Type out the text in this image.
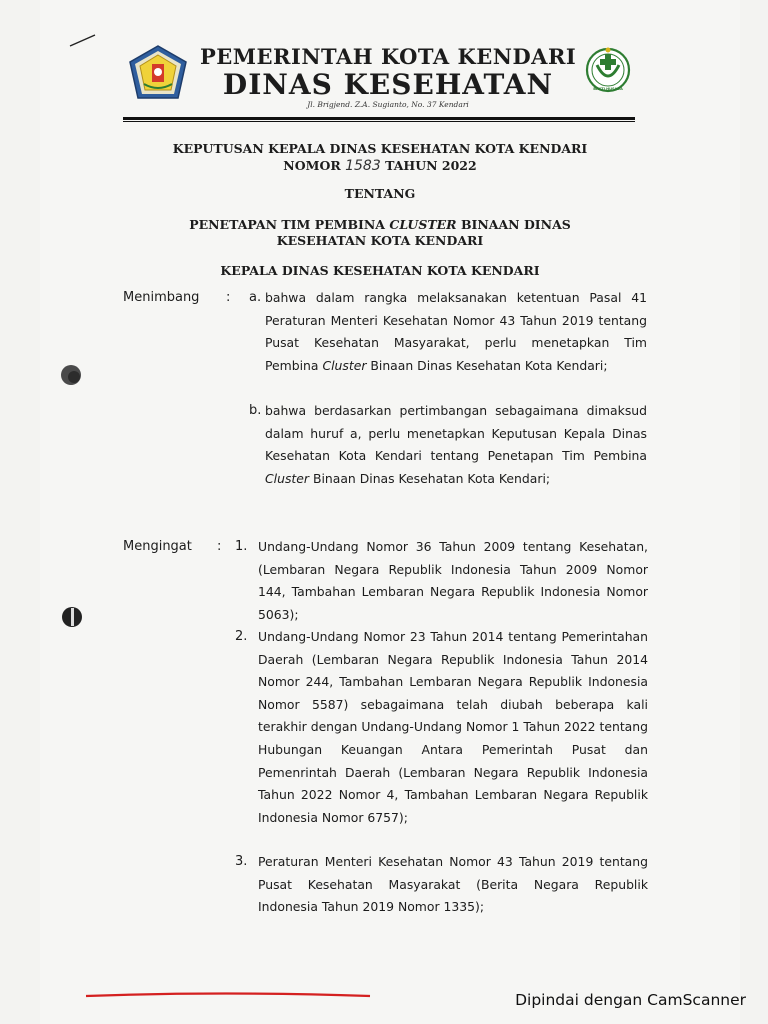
BAKTI HUSADA
PEMERINTAH KOTA KENDARI
DINAS KESEHATAN
Jl. Brigjend. Z.A. Sugianto, No. 37 Kendari
KEPUTUSAN KEPALA DINAS KESEHATAN KOTA KENDARI
NOMOR 1583 TAHUN 2022
TENTANG
PENETAPAN TIM PEMBINA CLUSTER BINAAN DINAS
KESEHATAN KOTA KENDARI
KEPALA DINAS KESEHATAN KOTA KENDARI
Menimbang : a. bahwa dalam rangka melaksanakan ketentuan Pasal 41 Peraturan Menteri Kesehatan Nomor 43 Tahun 2019 tentang Pusat Kesehatan Masyarakat, perlu menetapkan Tim Pembina Cluster Binaan Dinas Kesehatan Kota Kendari;
b. bahwa berdasarkan pertimbangan sebagaimana dimaksud dalam huruf a, perlu menetapkan Keputusan Kepala Dinas Kesehatan Kota Kendari tentang Penetapan Tim Pembina Cluster Binaan Dinas Kesehatan Kota Kendari;
Mengingat : 1. Undang-Undang Nomor 36 Tahun 2009 tentang Kesehatan, (Lembaran Negara Republik Indonesia Tahun 2009 Nomor 144, Tambahan Lembaran Negara Republik Indonesia Nomor 5063);
2. Undang-Undang Nomor 23 Tahun 2014 tentang Pemerintahan Daerah (Lembaran Negara Republik Indonesia Tahun 2014 Nomor 244, Tambahan Lembaran Negara Republik Indonesia Nomor 5587) sebagaimana telah diubah beberapa kali terakhir dengan Undang-Undang Nomor 1 Tahun 2022 tentang Hubungan Keuangan Antara Pemerintah Pusat dan Pemenrintah Daerah (Lembaran Negara Republik Indonesia Tahun 2022 Nomor 4, Tambahan Lembaran Negara Republik Indonesia Nomor 6757);
3. Peraturan Menteri Kesehatan Nomor 43 Tahun 2019 tentang Pusat Kesehatan Masyarakat (Berita Negara Republik Indonesia Tahun 2019 Nomor 1335);
Dipindai dengan CamScanner
